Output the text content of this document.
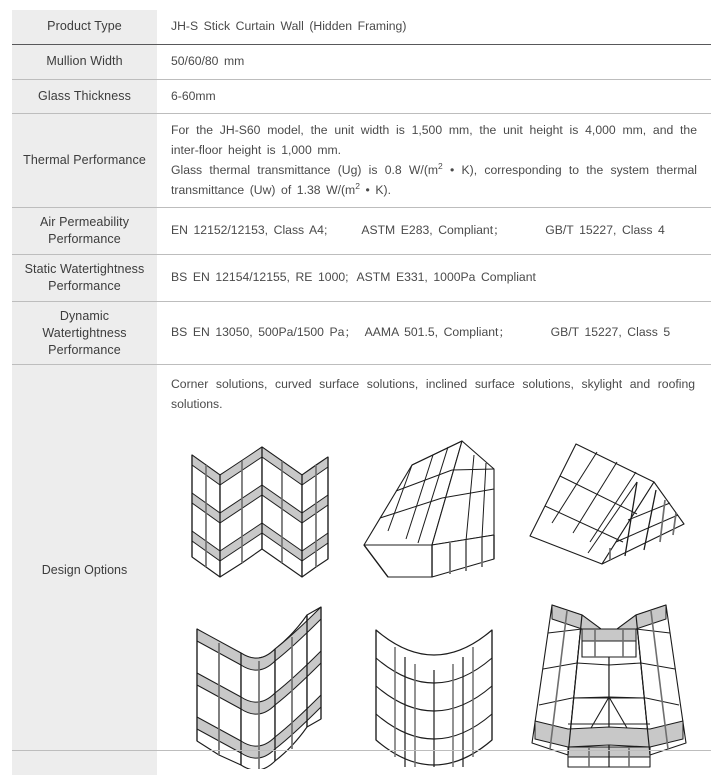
Product Type	JH-S Stick Curtain Wall (Hidden Framing)
Mullion Width	50/60/80 mm
Glass Thickness	6-60mm
Thermal Performance	For the JH-S60 model, the unit width is 1,500 mm, the unit height is 4,000 mm, and the inter-floor height is 1,000 mm.
Glass thermal transmittance (Ug) is 0.8 $W/(m^2$ • K), corresponding to the system thermal transmittance (Uw) of 1.38 $W/(m^2$ • K).
Air Permeability
Performance	EN 12152/12153, Class A4; ASTM E283, Compliant； GB/T 15227, Class 4
Static Watertightness
Performance	BS EN 12154/12155, RE 1000; ASTM E331, 1000Pa Compliant
Dynamic
Watertightness
Performance	BS EN 13050, 500Pa/1500 Pa； AAMA 501.5, Compliant； GB/T 15227, Class 5
Design Options	Corner solutions, curved surface solutions, inclined surface solutions, skylight and roofing solutions.
